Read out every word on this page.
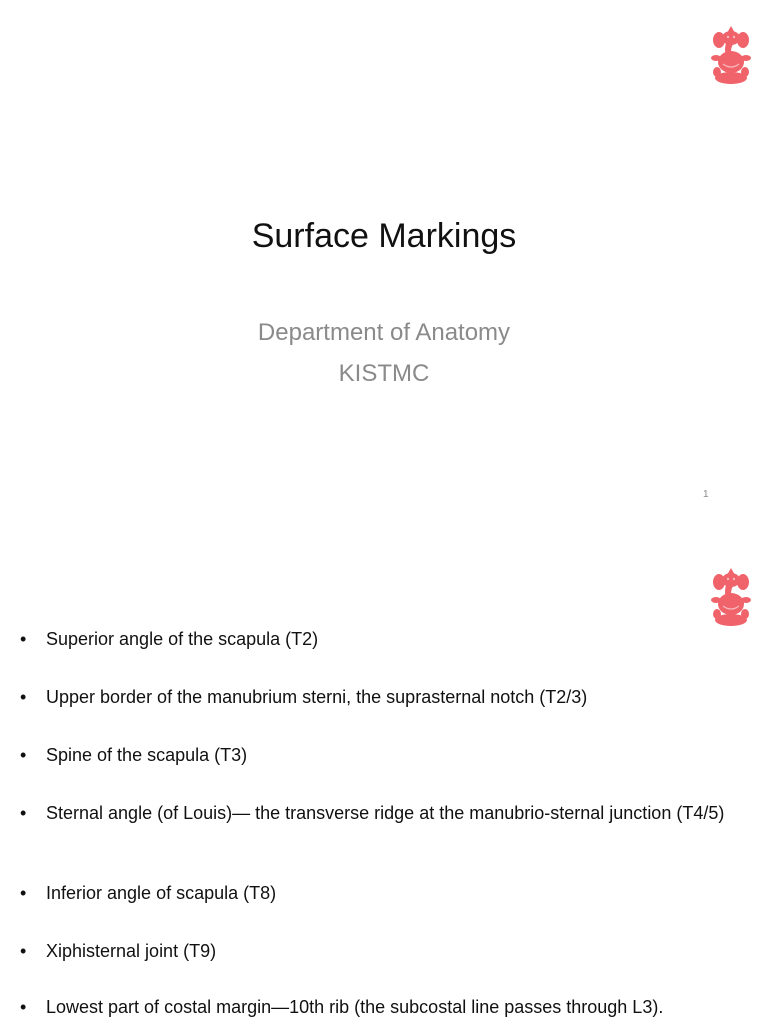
Surface Markings
Department of Anatomy
KISTMC
1
•	Superior angle of the scapula (T2)
•	Upper border of the manubrium sterni, the suprasternal notch (T2/3)
•	Spine of the scapula (T3)
•	Sternal angle (of Louis)— the transverse ridge at the manubrio-sternal junction (T4/5)
•	Inferior angle of scapula (T8)
•	Xiphisternal joint (T9)
•	Lowest part of costal margin—10th rib (the subcostal line passes through L3).
